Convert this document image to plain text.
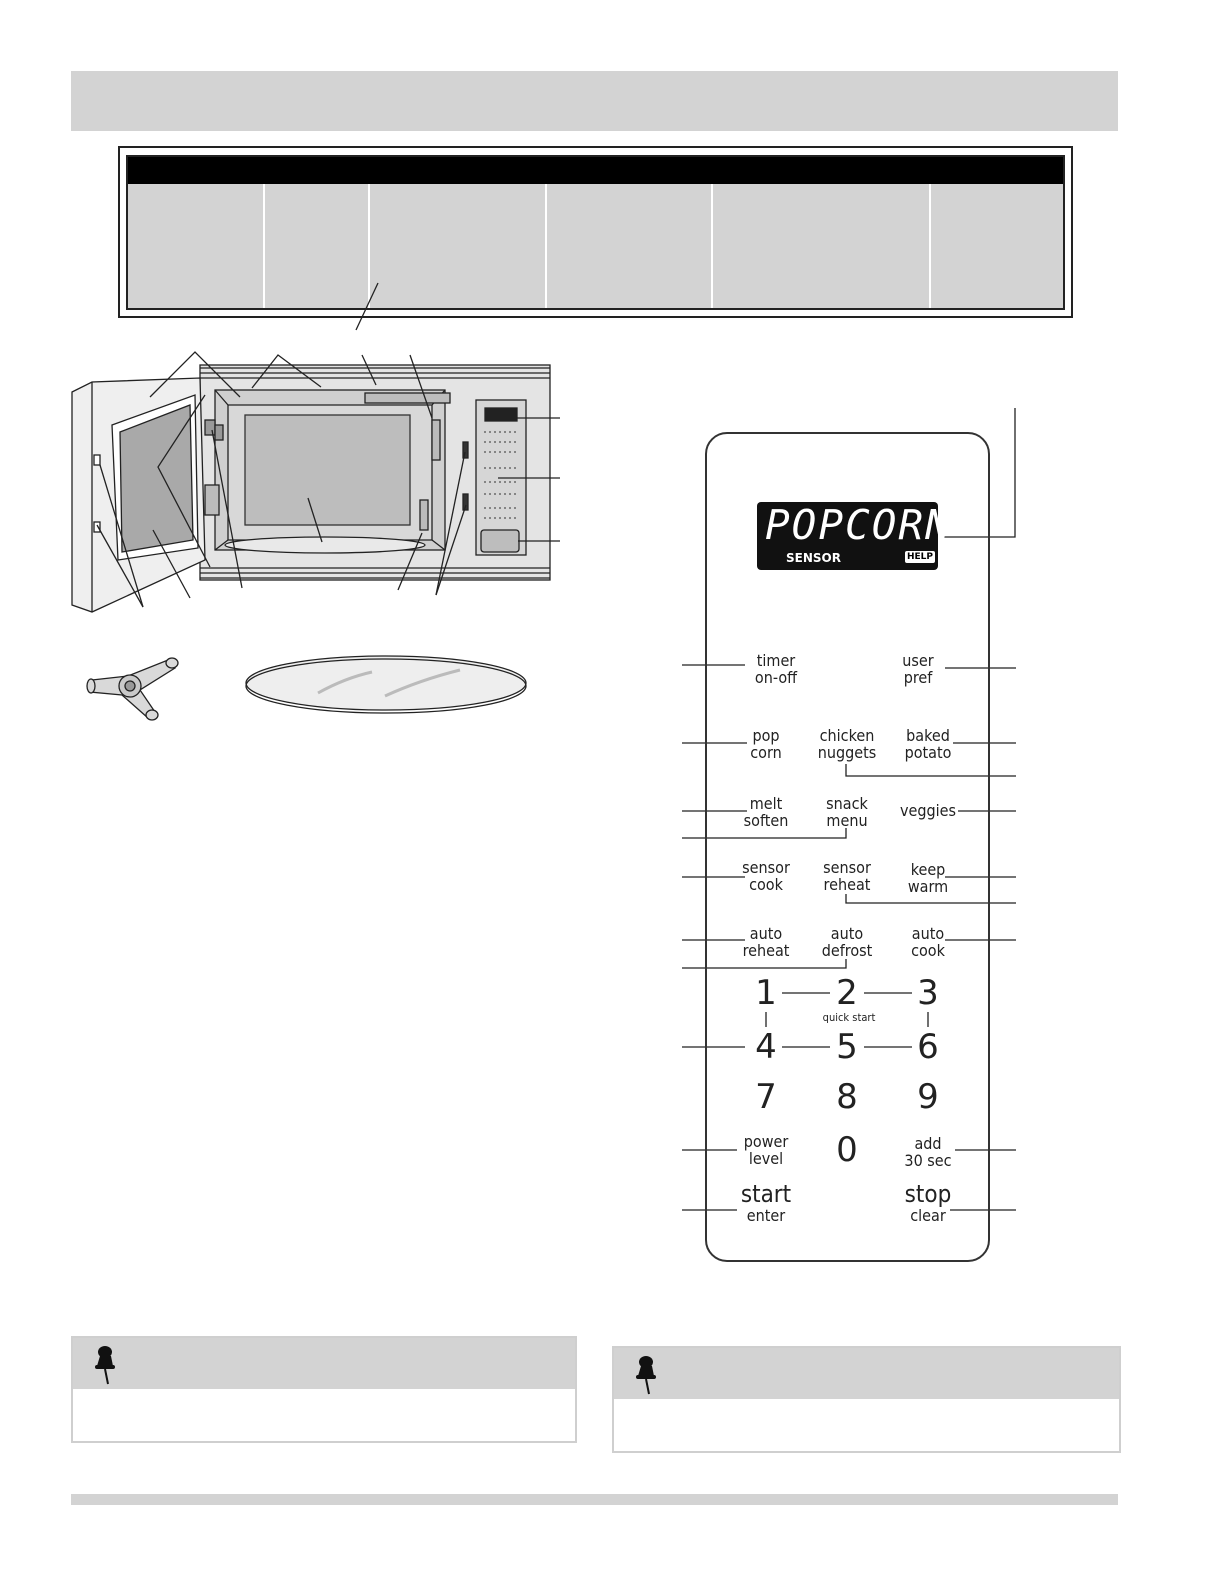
POPCORN
SENSOR	HELP
timer
on-off
user
pref
pop
corn
chicken
nuggets
baked
potato
melt
soften
snack
menu
veggies
sensor
cook
sensor
reheat
keep
warm
auto
reheat
auto
defrost
auto
cook
1 2 3
quick start
4 5 6
7 8 9
power
level 0	add
30 sec
start
enter
stop
clear
